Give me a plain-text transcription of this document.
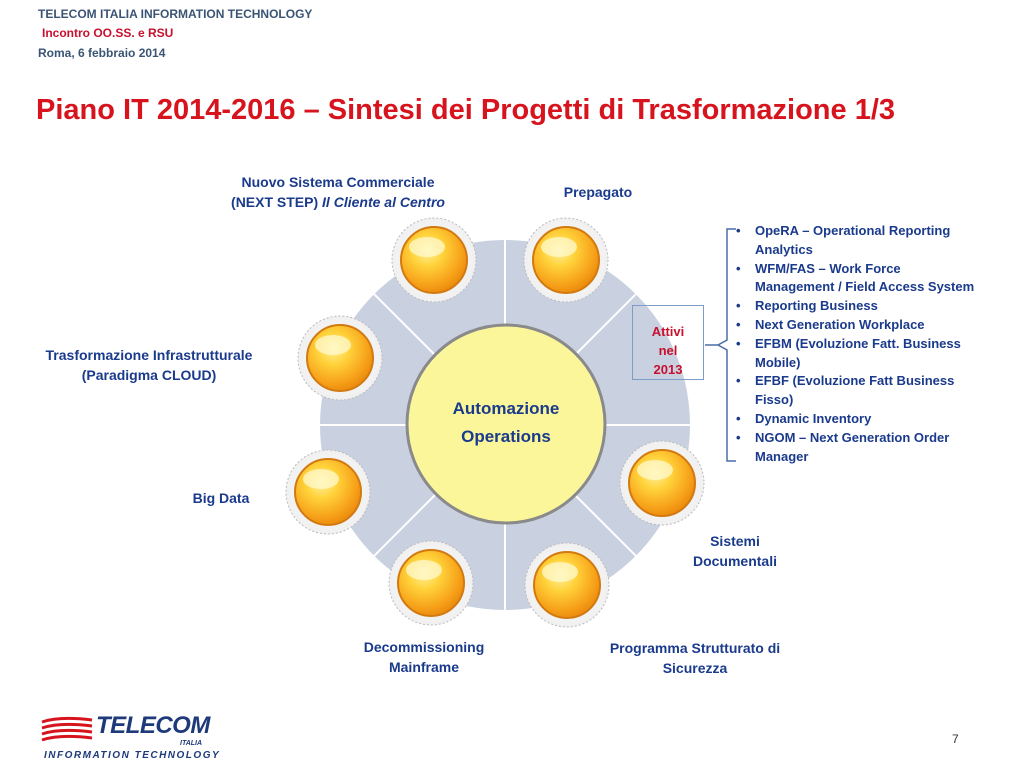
TELECOM ITALIA INFORMATION TECHNOLOGY
Incontro OO.SS. e RSU
Roma, 6 febbraio 2014
Piano IT 2014-2016 – Sintesi dei Progetti di Trasformazione 1/3
Automazione
Operations
Nuovo Sistema Commerciale
(NEXT STEP) Il Cliente al Centro
Prepagato
Trasformazione Infrastrutturale
(Paradigma CLOUD)
Big Data
Sistemi
Documentali
Decommissioning
Mainframe
Programma Strutturato di
Sicurezza
Attivi
nel
2013
• OpeRA – Operational Reporting
Analytics
• WFM/FAS – Work Force
Management / Field Access System
• Reporting Business
• Next Generation Workplace
• EFBM (Evoluzione Fatt. Business
Mobile)
• EFBF (Evoluzione Fatt Business
Fisso)
• Dynamic Inventory
• NGOM – Next Generation Order
Manager
TELECOM
ITALIA
INFORMATION TECHNOLOGY
7
